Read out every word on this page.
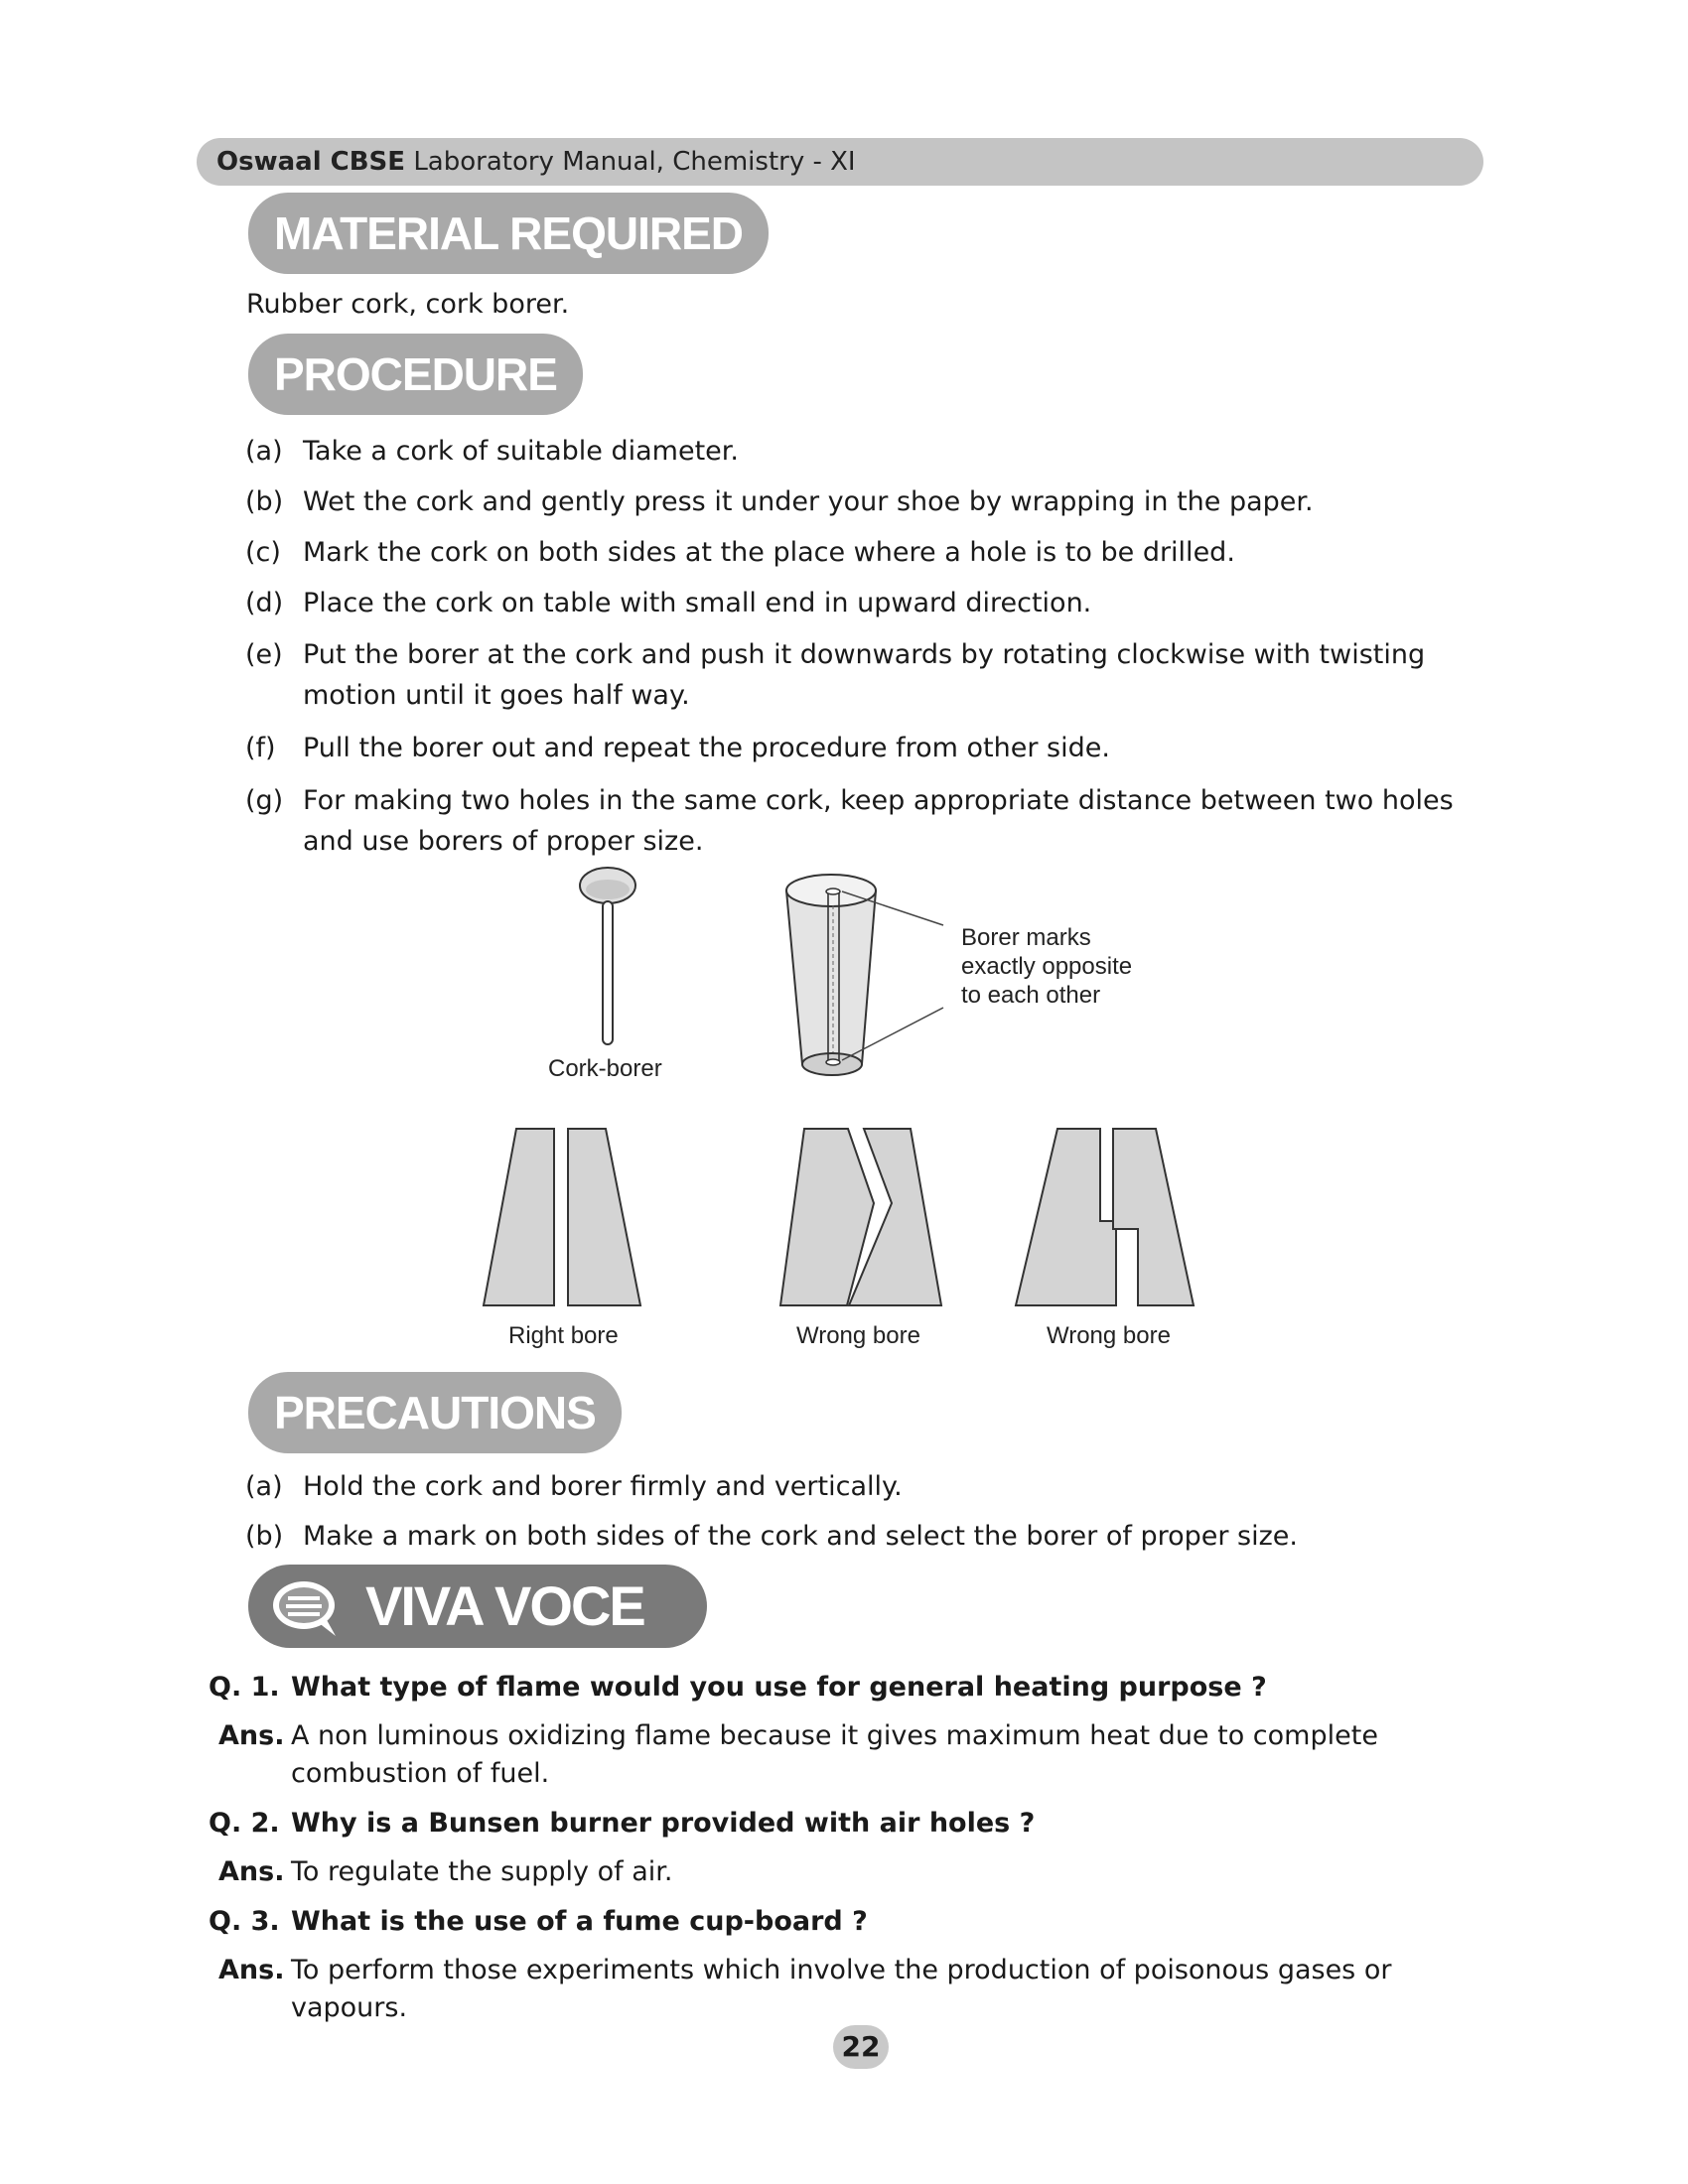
Oswaal CBSE Laboratory Manual, Chemistry - XI
MATERIAL REQUIRED
Rubber cork, cork borer.
PROCEDURE
(a) Take a cork of suitable diameter.
(b) Wet the cork and gently press it under your shoe by wrapping in the paper.
(c) Mark the cork on both sides at the place where a hole is to be drilled.
(d) Place the cork on table with small end in upward direction.
(e) Put the borer at the cork and push it downwards by rotating clockwise with twisting motion until it goes half way.
(f)	Pull the borer out and repeat the procedure from other side.
(g) For making two holes in the same cork, keep appropriate distance between two holes and use borers of proper size.
Cork-borer
Borer marks
exactly opposite
to each other
Right bore	Wrong bore	Wrong bore
PRECAUTIONS
(a) Hold the cork and borer firmly and vertically.
(b) Make a mark on both sides of the cork and select the borer of proper size.
VIVA VOCE
Q. 1. What type of flame would you use for general heating purpose ?
Ans. A non luminous oxidizing flame because it gives maximum heat due to complete combustion of fuel.
Q. 2. Why is a Bunsen burner provided with air holes ?
Ans. To regulate the supply of air.
Q. 3. What is the use of a fume cup-board ?
Ans. To perform those experiments which involve the production of poisonous gases or vapours.
22
